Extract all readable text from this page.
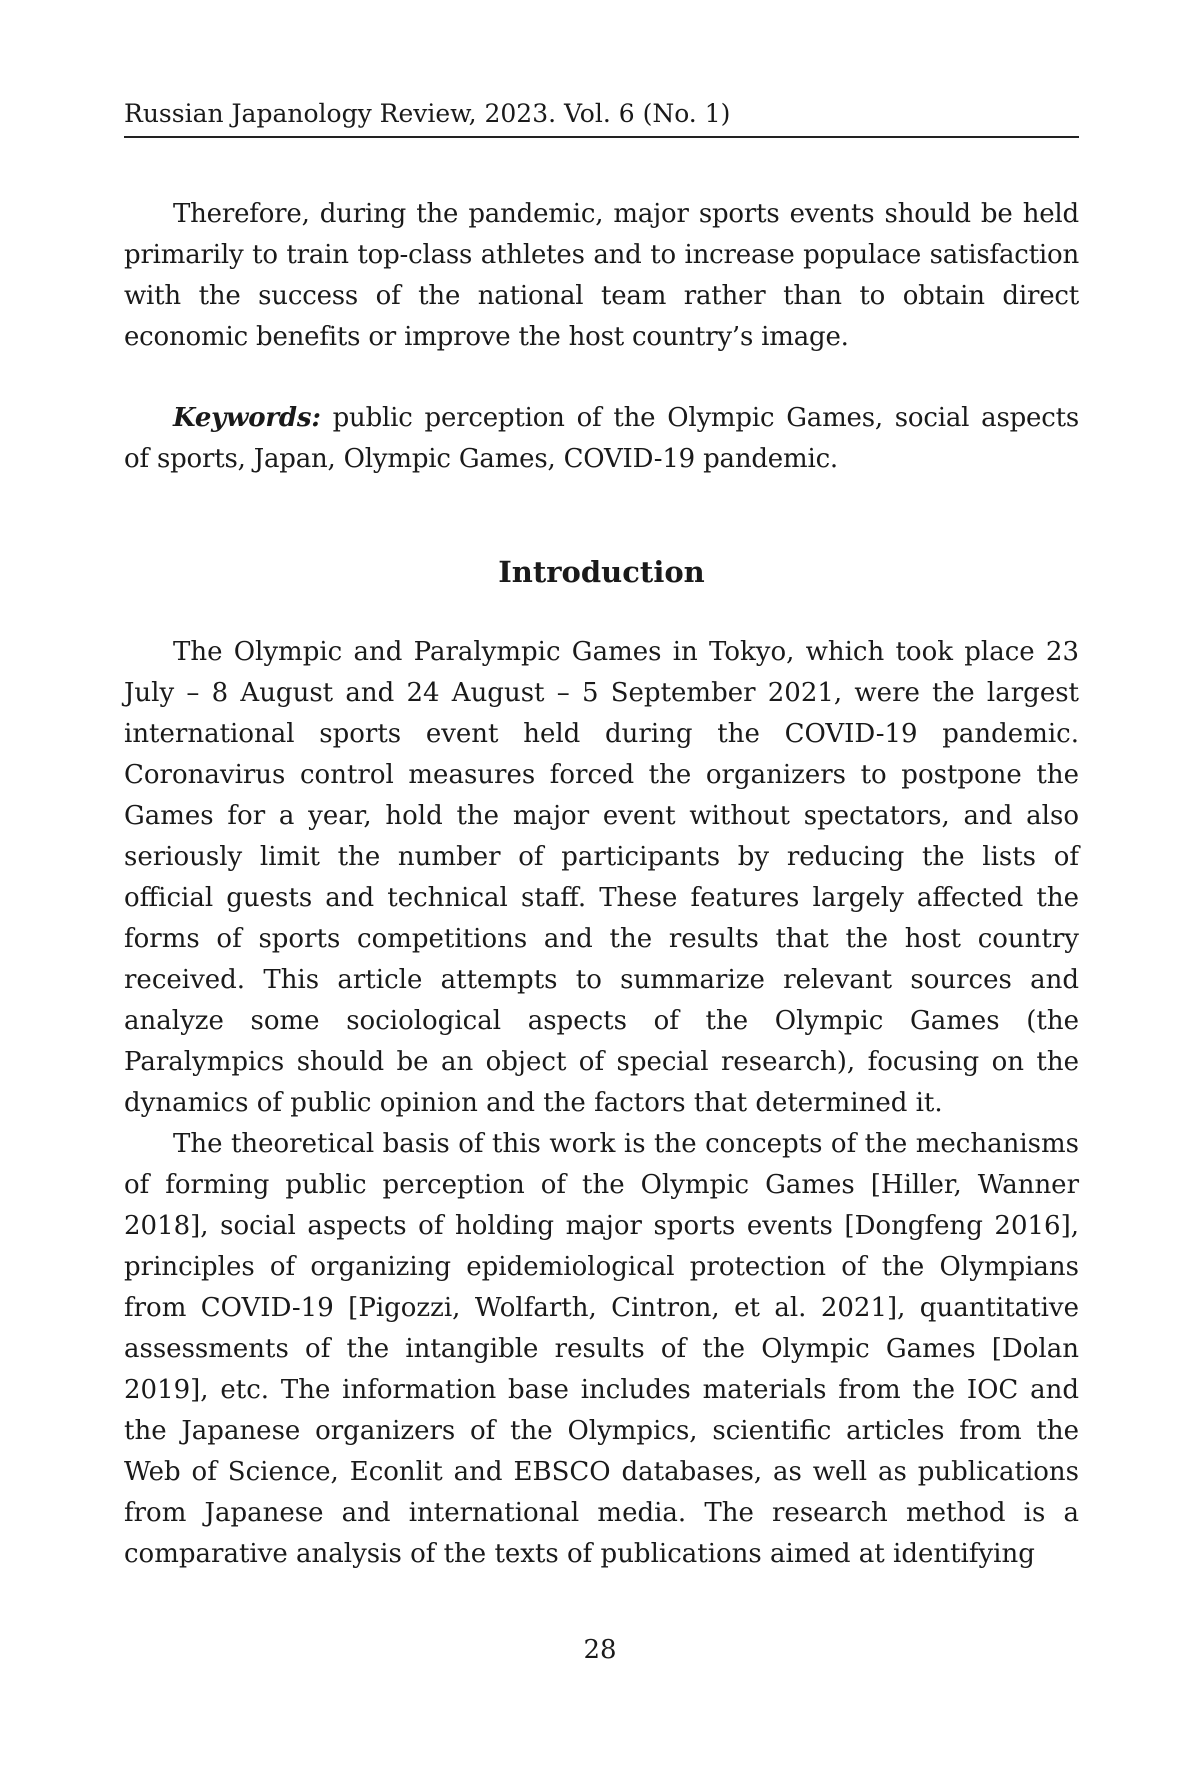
Russian Japanology Review, 2023. Vol. 6 (No. 1)

Therefore, during the pandemic, major sports events should be held primarily to train top-class athletes and to increase populace satisfaction with the success of the national team rather than to obtain direct economic benefits or improve the host country’s image.

Keywords: public perception of the Olympic Games, social aspects of sports, Japan, Olympic Games, COVID-19 pandemic.

Introduction

The Olympic and Paralympic Games in Tokyo, which took place 23 July – 8 August and 24 August – 5 September 2021, were the largest international sports event held during the COVID-19 pandemic. Coronavirus control measures forced the organizers to postpone the Games for a year, hold the major event without spectators, and also seriously limit the number of participants by reducing the lists of official guests and technical staff. These features largely affected the forms of sports competitions and the results that the host country received. This article attempts to summarize relevant sources and analyze some sociological aspects of the Olympic Games (the Paralympics should be an object of special research), focusing on the dynamics of public opinion and the factors that determined it.

The theoretical basis of this work is the concepts of the mechanisms of forming public perception of the Olympic Games [Hiller, Wanner 2018], social aspects of holding major sports events [Dongfeng 2016], principles of organizing epidemiological protection of the Olympians from COVID-19 [Pigozzi, Wolfarth, Cintron, et al. 2021], quantitative assessments of the intangible results of the Olympic Games [Dolan 2019], etc. The information base includes materials from the IOC and the Japanese organizers of the Olympics, scientific articles from the Web of Science, Econlit and EBSCO databases, as well as publications from Japanese and international media. The research method is a comparative analysis of the texts of publications aimed at identifying

28
